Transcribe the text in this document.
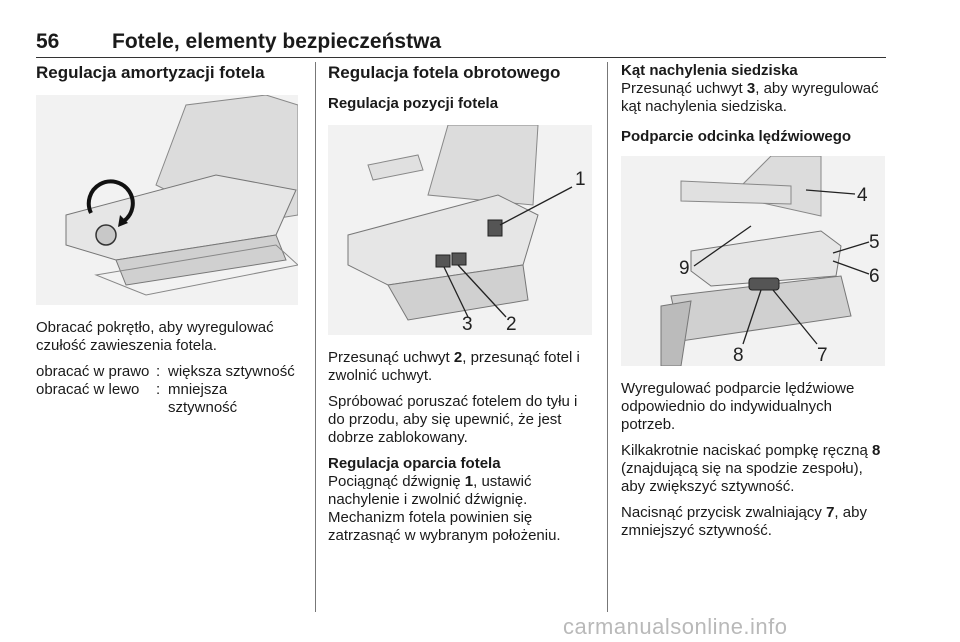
56	Fotele, elementy bezpieczeństwa
Regulacja amortyzacji fotela

Obracać pokrętło, aby wyregulować czułość zawieszenia fotela.

obracać w prawo	:	większa sztywność
obracać w lewo	:	mniejsza sztywność
Regulacja fotela obrotowego
Regulacja pozycji fotela
1
2
3

Przesunąć uchwyt 2, przesunąć fotel i zwolnić uchwyt.

Spróbować poruszać fotelem do tyłu i do przodu, aby się upewnić, że jest dobrze zablokowany.

Regulacja oparcia fotela

Pociągnąć dźwignię 1, ustawić nachylenie i zwolnić dźwignię. Mechanizm fotela powinien się zatrzasnąć w wybranym położeniu.

Kąt nachylenia siedziska

Przesunąć uchwyt 3, aby wyregulować kąt nachylenia siedziska.

Podparcie odcinka lędźwiowego
4
5
6
7
8
9

Wyregulować podparcie lędźwiowe odpowiednio do indywidualnych potrzeb.

Kilkakrotnie naciskać pompkę ręczną 8 (znajdującą się na spodzie zespołu), aby zwiększyć sztywność.

Nacisnąć przycisk zwalniający 7, aby zmniejszyć sztywność.

carmanualsonline.info
